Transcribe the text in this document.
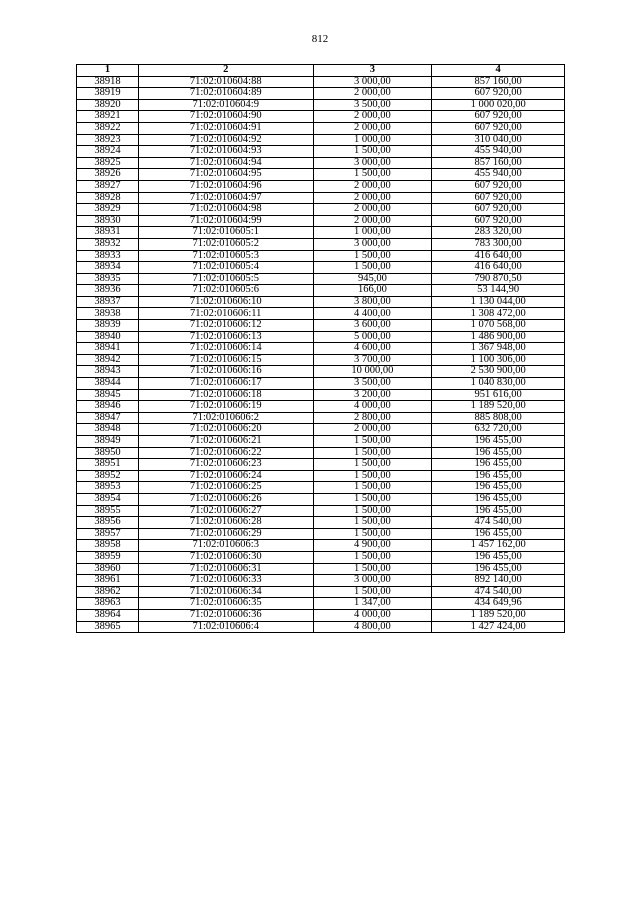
812
1	2	3	4
38918	71:02:010604:88	3 000,00	857 160,00
38919	71:02:010604:89	2 000,00	607 920,00
38920	71:02:010604:9	3 500,00	1 000 020,00
38921	71:02:010604:90	2 000,00	607 920,00
38922	71:02:010604:91	2 000,00	607 920,00
38923	71:02:010604:92	1 000,00	310 040,00
38924	71:02:010604:93	1 500,00	455 940,00
38925	71:02:010604:94	3 000,00	857 160,00
38926	71:02:010604:95	1 500,00	455 940,00
38927	71:02:010604:96	2 000,00	607 920,00
38928	71:02:010604:97	2 000,00	607 920,00
38929	71:02:010604:98	2 000,00	607 920,00
38930	71:02:010604:99	2 000,00	607 920,00
38931	71:02:010605:1	1 000,00	283 320,00
38932	71:02:010605:2	3 000,00	783 300,00
38933	71:02:010605:3	1 500,00	416 640,00
38934	71:02:010605:4	1 500,00	416 640,00
38935	71:02:010605:5	945,00	790 870,50
38936	71:02:010605:6	166,00	53 144,90
38937	71:02:010606:10	3 800,00	1 130 044,00
38938	71:02:010606:11	4 400,00	1 308 472,00
38939	71:02:010606:12	3 600,00	1 070 568,00
38940	71:02:010606:13	5 000,00	1 486 900,00
38941	71:02:010606:14	4 600,00	1 367 948,00
38942	71:02:010606:15	3 700,00	1 100 306,00
38943	71:02:010606:16	10 000,00	2 530 900,00
38944	71:02:010606:17	3 500,00	1 040 830,00
38945	71:02:010606:18	3 200,00	951 616,00
38946	71:02:010606:19	4 000,00	1 189 520,00
38947	71:02:010606:2	2 800,00	885 808,00
38948	71:02:010606:20	2 000,00	632 720,00
38949	71:02:010606:21	1 500,00	196 455,00
38950	71:02:010606:22	1 500,00	196 455,00
38951	71:02:010606:23	1 500,00	196 455,00
38952	71:02:010606:24	1 500,00	196 455,00
38953	71:02:010606:25	1 500,00	196 455,00
38954	71:02:010606:26	1 500,00	196 455,00
38955	71:02:010606:27	1 500,00	196 455,00
38956	71:02:010606:28	1 500,00	474 540,00
38957	71:02:010606:29	1 500,00	196 455,00
38958	71:02:010606:3	4 900,00	1 457 162,00
38959	71:02:010606:30	1 500,00	196 455,00
38960	71:02:010606:31	1 500,00	196 455,00
38961	71:02:010606:33	3 000,00	892 140,00
38962	71:02:010606:34	1 500,00	474 540,00
38963	71:02:010606:35	1 347,00	434 649,96
38964	71:02:010606:36	4 000,00	1 189 520,00
38965	71:02:010606:4	4 800,00	1 427 424,00
